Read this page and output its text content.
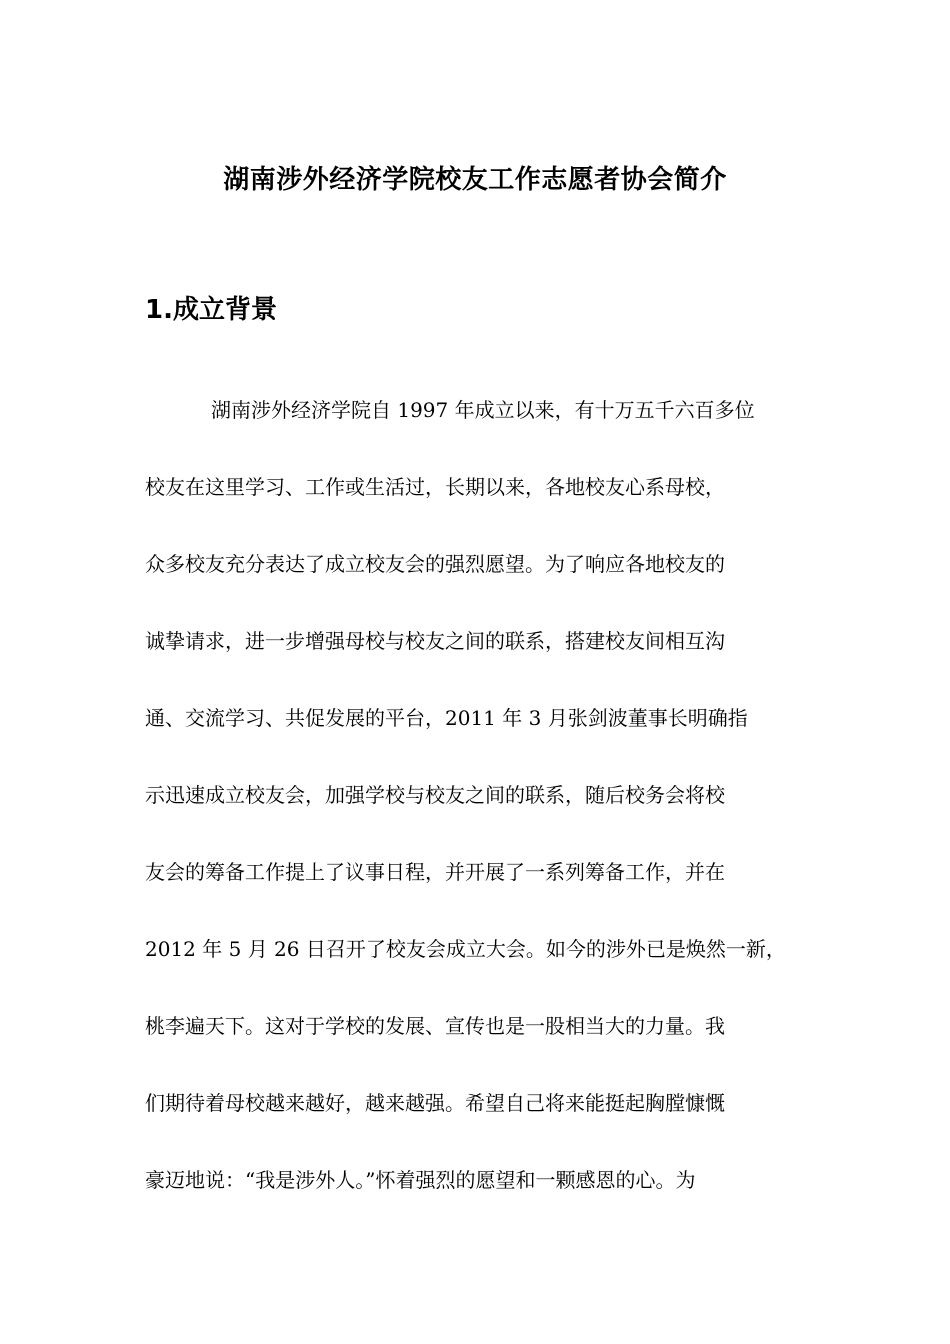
湖南涉外经济学院校友工作志愿者协会简介
1.成立背景
湖南涉外经济学院自 1997 年成立以来，有十万五千六百多位
校友在这里学习、工作或生活过，长期以来，各地校友心系母校，
众多校友充分表达了成立校友会的强烈愿望。为了响应各地校友的
诚挚请求，进一步增强母校与校友之间的联系，搭建校友间相互沟
通、交流学习、共促发展的平台，2011 年 3 月张剑波董事长明确指
示迅速成立校友会，加强学校与校友之间的联系，随后校务会将校
友会的筹备工作提上了议事日程，并开展了一系列筹备工作，并在
2012 年 5 月 26 日召开了校友会成立大会。如今的涉外已是焕然一新，
桃李遍天下。这对于学校的发展、宣传也是一股相当大的力量。我
们期待着母校越来越好，越来越强。希望自己将来能挺起胸膛慷慨
豪迈地说：“我是涉外人。”怀着强烈的愿望和一颗感恩的心。为
